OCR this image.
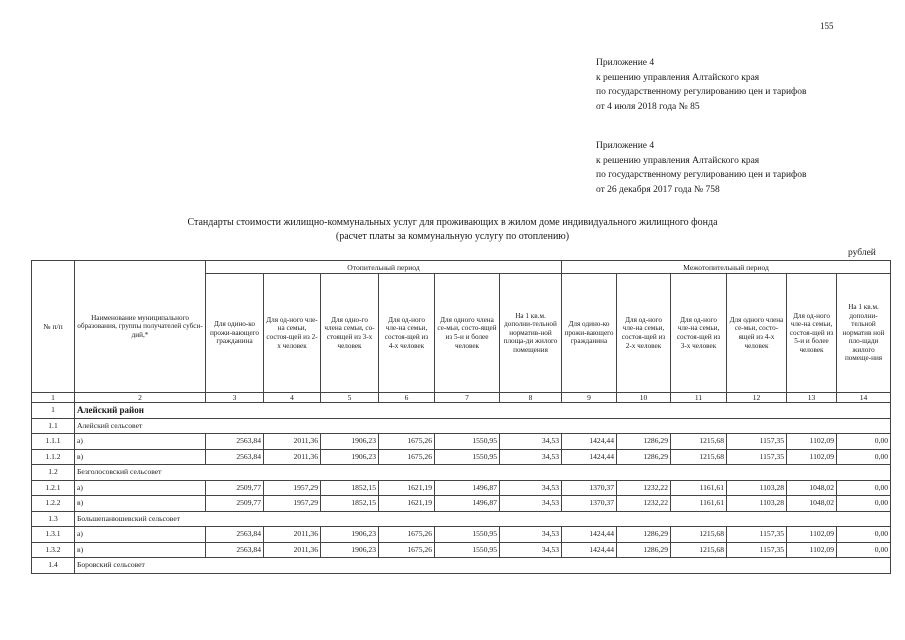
155
Приложение 4
к решению управления Алтайского края
по государственному регулированию цен и тарифов
от 4 июля 2018 года № 85
Приложение 4
к решению управления Алтайского края
по государственному регулированию цен и тарифов
от 26 декабря 2017 года № 758
Стандарты стоимости жилищно-коммунальных услуг для проживающих в жилом доме индивидуального жилищного фонда
(расчет платы за коммунальную услугу по отоплению)
рублей
№ п/п	Наименование муниципального образования, группы получателей субси-дий,*	Отопительный период						Межотопительный период					
		Для одино-ко прожи-вающего гражданина	Для од-ного чле-на семьи, состоя-щей из 2-х человек	Для одно-го члена семьи, со-стоящей из 3-х человек	Для од-ного чле-на семьи, состоя-щей из 4-х человек	Для одного члена се-мьи, состо-ящей из 5-и и более человек	На 1 кв.м. дополни-тельной норматив-ной площа-ди жилого помещения	Для одино-ко прожи-вающего гражданина	Для од-ного чле-на семьи, состоя-щей из 2-х человек	Для од-ного чле-на семьи, состоя-щей из 3-х человек	Для одного члена се-мьи, состо-ящей из 4-х человек	Для од-ного чле-на семьи, состоя-щей из 5-и и более человек	На 1 кв.м. дополни-тельной норматив ной пло-щади жилого помеще-ния
1	2	3	4	5	6	7	8	9	10	11	12	13	14
1	Алейский район												
1.1	Алейский сельсовет												
1.1.1	а)	2563,84	2011,36	1906,23	1675,26	1550,95	34,53	1424,44	1286,29	1215,68	1157,35	1102,09	0,00
1.1.2	в)	2563,84	2011,36	1906,23	1675,26	1550,95	34,53	1424,44	1286,29	1215,68	1157,35	1102,09	0,00
1.2	Безголосовский сельсовет												
1.2.1	а)	2509,77	1957,29	1852,15	1621,19	1496,87	34,53	1370,37	1232,22	1161,61	1103,28	1048,02	0,00
1.2.2	в)	2509,77	1957,29	1852,15	1621,19	1496,87	34,53	1370,37	1232,22	1161,61	1103,28	1048,02	0,00
1.3	Большепанюшевский сельсовет												
1.3.1	а)	2563,84	2011,36	1906,23	1675,26	1550,95	34,53	1424,44	1286,29	1215,68	1157,35	1102,09	0,00
1.3.2	в)	2563,84	2011,36	1906,23	1675,26	1550,95	34,53	1424,44	1286,29	1215,68	1157,35	1102,09	0,00
1.4	Боровский сельсовет												
